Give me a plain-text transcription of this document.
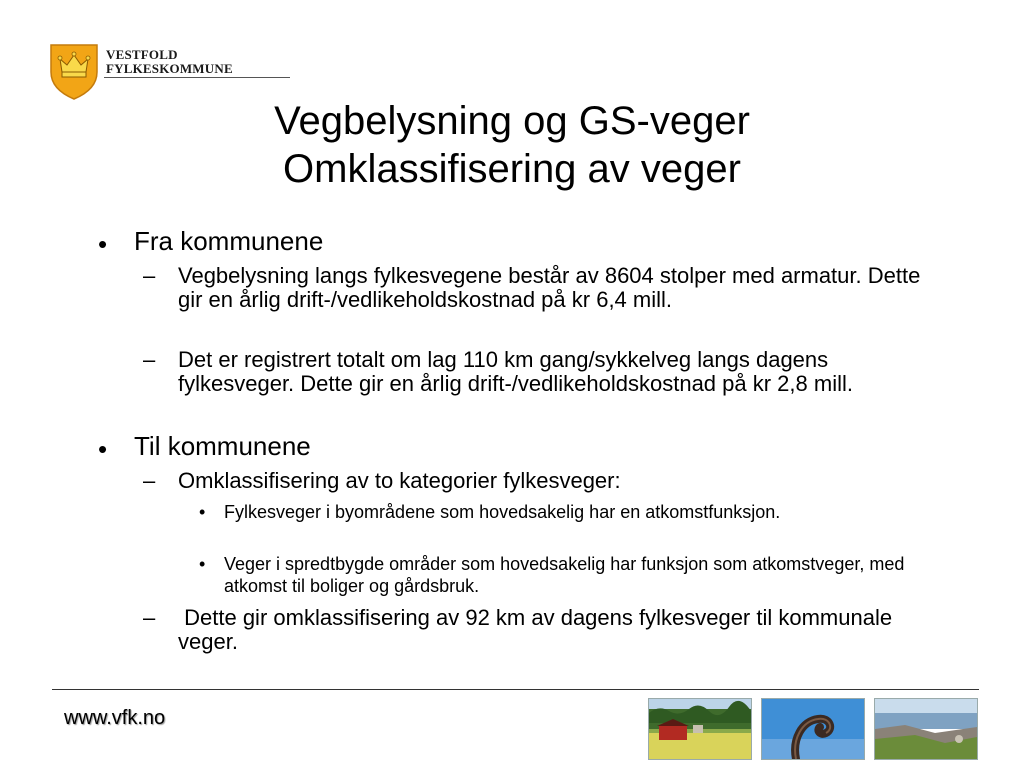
VESTFOLD
FYLKESKOMMUNE
Vegbelysning og GS-veger
Omklassifisering av veger
• Fra kommunene
– Vegbelysning langs fylkesvegene består av 8604 stolper med armatur. Dette gir en årlig drift-/vedlikeholdskostnad på kr 6,4 mill.
– Det er registrert totalt om lag 110 km gang/sykkelveg langs dagens fylkesveger. Dette gir en årlig drift-/vedlikeholdskostnad på kr 2,8 mill.
• Til kommunene
– Omklassifisering av to kategorier fylkesveger:
• Fylkesveger i byområdene som hovedsakelig har en atkomstfunksjon.
• Veger i spredtbygde områder som hovedsakelig har funksjon som atkomstveger, med atkomst til boliger og gårdsbruk.
– Dette gir omklassifisering av 92 km av dagens fylkesveger til kommunale veger.
www.vfk.no
